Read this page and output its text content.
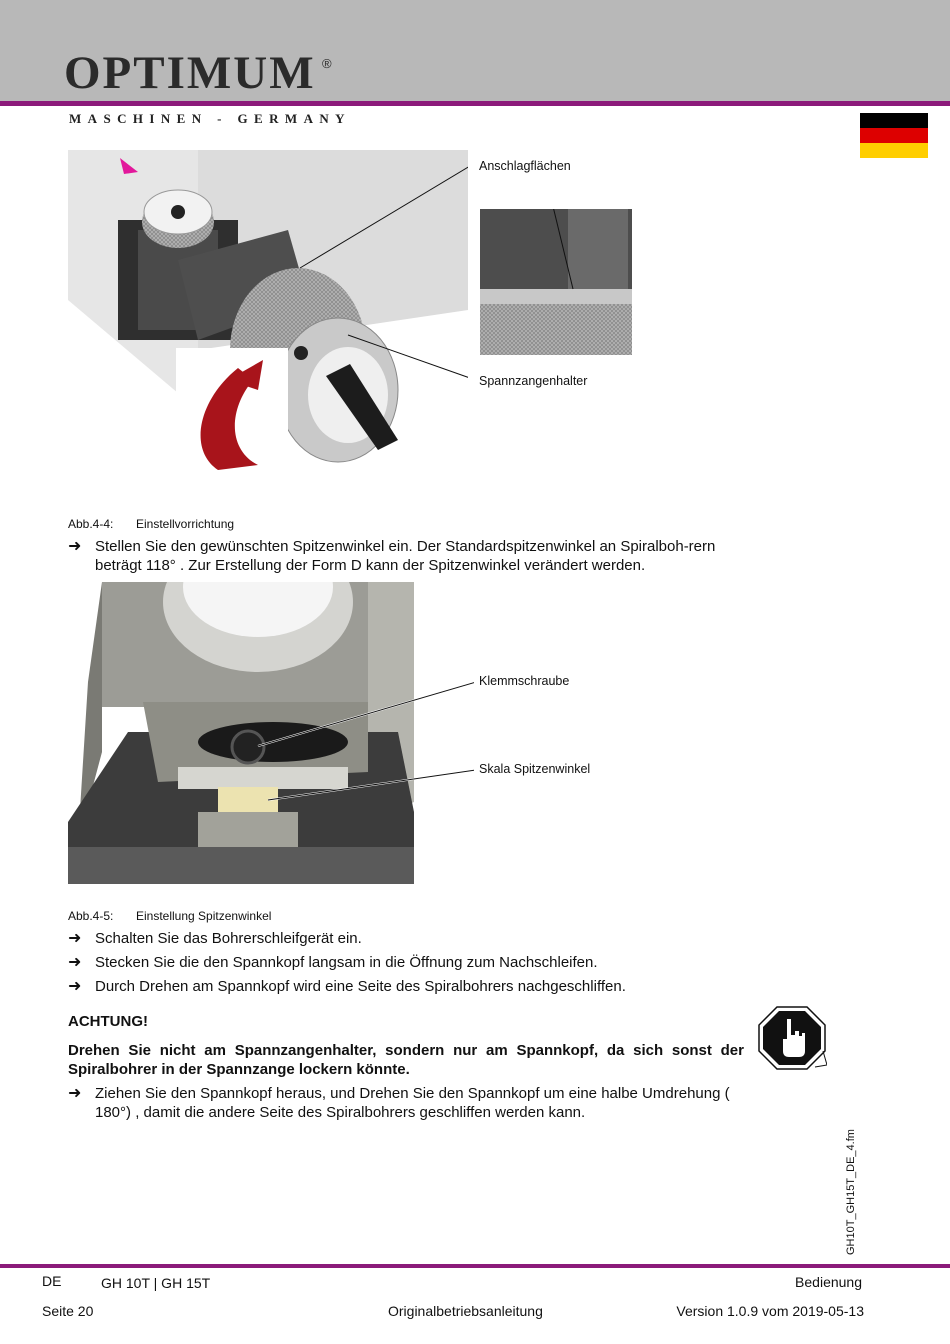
OPTIMUM ®
MASCHINEN - GERMANY
Anschlagflächen
Spannzangenhalter
Abb.4-4: Einstellvorrichtung
➜ Stellen Sie den gewünschten Spitzenwinkel ein. Der Standardspitzenwinkel an Spiralboh-rern beträgt 118° . Zur Erstellung der Form D kann der Spitzenwinkel verändert werden.
Klemmschraube
Skala Spitzenwinkel
Abb.4-5: Einstellung Spitzenwinkel
➜ Schalten Sie das Bohrerschleifgerät ein.
➜ Stecken Sie die den Spannkopf langsam in die Öffnung zum Nachschleifen.
➜ Durch Drehen am Spannkopf wird eine Seite des Spiralbohrers nachgeschliffen.
ACHTUNG!
Drehen Sie nicht am Spannzangenhalter, sondern nur am Spannkopf, da sich sonst der Spiralbohrer in der Spannzange lockern könnte.
➜ Ziehen Sie den Spannkopf heraus, und Drehen Sie den Spannkopf um eine halbe Umdrehung ( 180°) , damit die andere Seite des Spiralbohrers geschliffen werden kann.
GH10T_GH15T_DE_4.fm
DE	GH 10T | GH 15T	Bedienung
Seite 20	Originalbetriebsanleitung	Version 1.0.9 vom 2019-05-13
